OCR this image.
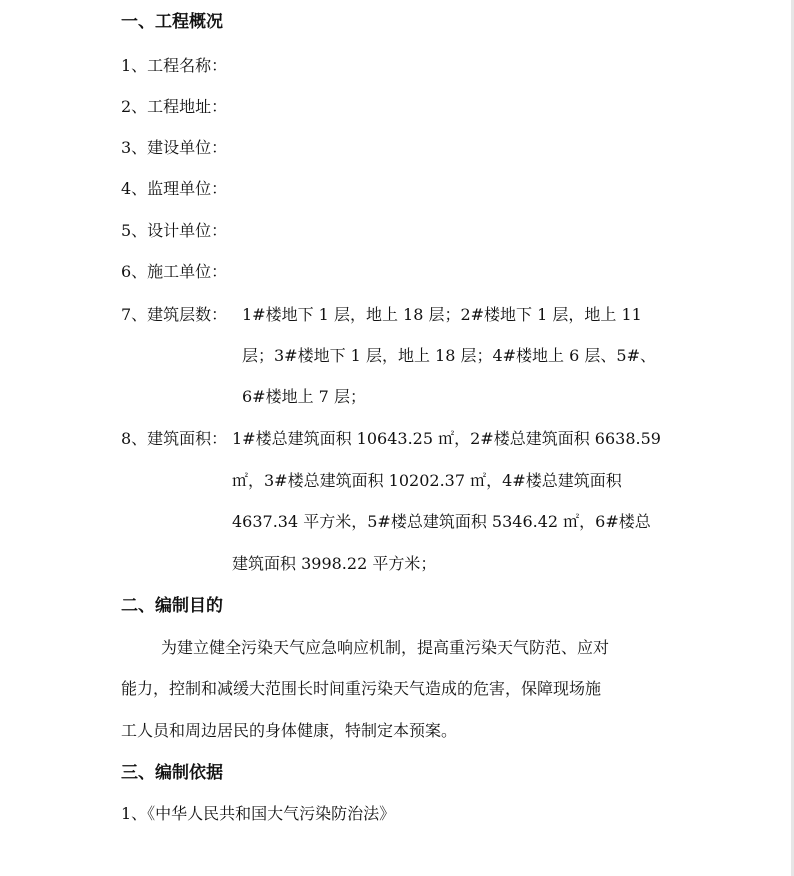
一、工程概况
1、工程名称：
2、工程地址：
3、建设单位：
4、监理单位：
5、设计单位：
6、施工单位：
7、建筑层数： 1#楼地下 1 层，地上 18 层；2#楼地下 1 层，地上 11
层；3#楼地下 1 层，地上 18 层；4#楼地上 6 层、5#、
6#楼地上 7 层；
8、建筑面积： 1#楼总建筑面积 10643.25 ㎡，2#楼总建筑面积 6638.59
㎡，3#楼总建筑面积 10202.37 ㎡，4#楼总建筑面积
4637.34 平方米，5#楼总建筑面积 5346.42 ㎡，6#楼总
建筑面积 3998.22 平方米；
二、编制目的
为建立健全污染天气应急响应机制，提高重污染天气防范、应对
能力，控制和减缓大范围长时间重污染天气造成的危害，保障现场施
工人员和周边居民的身体健康，特制定本预案。
三、编制依据
1、《中华人民共和国大气污染防治法》
